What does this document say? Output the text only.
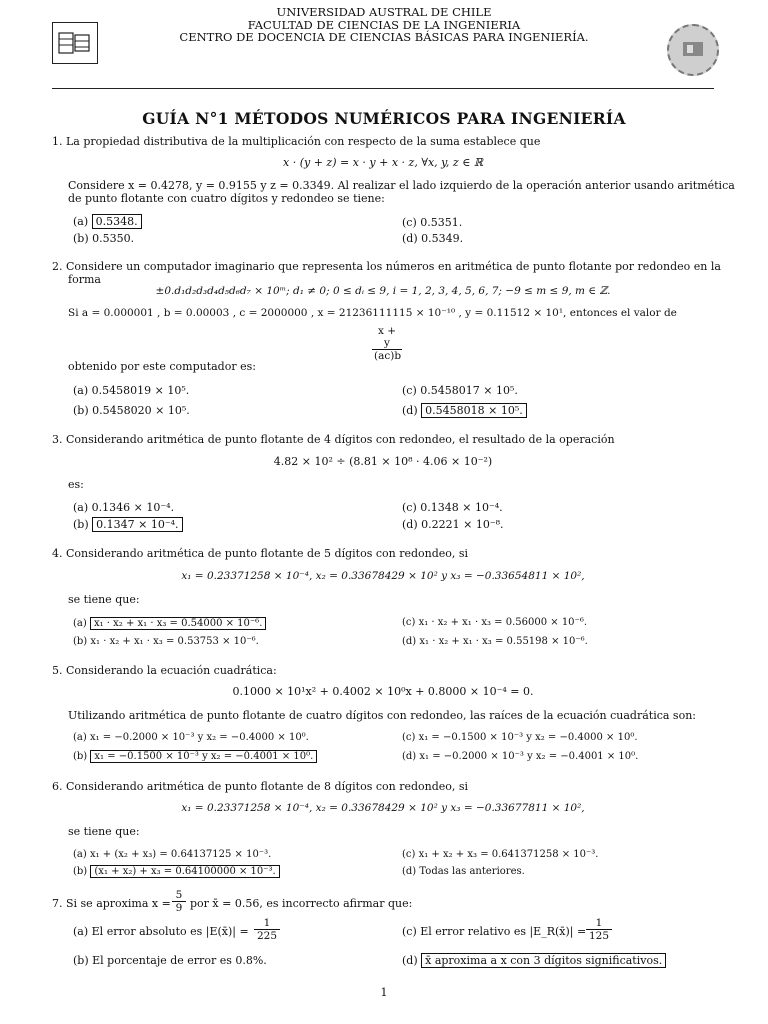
UNIVERSIDAD AUSTRAL DE CHILE
FACULTAD DE CIENCIAS DE LA INGENIERIA
CENTRO DE DOCENCIA DE CIENCIAS BÁSICAS PARA INGENIERÍA.
GUÍA N°1 MÉTODOS NUMÉRICOS PARA INGENIERÍA
1. La propiedad distributiva de la multiplicación con respecto de la suma establece que
x · (y + z) = x · y + x · z, ∀x, y, z ∈ ℝ
Considere x = 0.4278, y = 0.9155 y z = 0.3349. Al realizar el lado izquierdo de la operación anterior usando aritmética
de punto flotante con cuatro dígitos y redondeo se tiene:
(a) 0.5348.
(b) 0.5350.
(c) 0.5351.
(d) 0.5349.
2. Considere un computador imaginario que representa los números en aritmética de punto flotante por redondeo en la
forma
±0.d₁d₂d₃d₄d₅d₆d₇ × 10ᵐ; d₁ ≠ 0; 0 ≤ dᵢ ≤ 9, i = 1, 2, 3, 4, 5, 6, 7; −9 ≤ m ≤ 9, m ∈ ℤ.
Si a = 0.000001 , b = 0.00003 , c = 2000000 , x = 21236111115 × 10⁻¹⁰ , y = 0.11512 × 10¹, entonces el valor de
$\frac{x + y}{(ac)b}$
obtenido por este computador es:
(a) 0.5458019 × 10⁵.
(b) 0.5458020 × 10⁵.
(c) 0.5458017 × 10⁵.
(d) 0.5458018 × 10⁵.
3. Considerando aritmética de punto flotante de 4 dígitos con redondeo, el resultado de la operación
4.82 × 10² ÷ (8.81 × 10⁸ · 4.06 × 10⁻²)
es:
(a) 0.1346 × 10⁻⁴.
(b) 0.1347 × 10⁻⁴.
(c) 0.1348 × 10⁻⁴.
(d) 0.2221 × 10⁻⁸.
4. Considerando aritmética de punto flotante de 5 dígitos con redondeo, si
x₁ = 0.23371258 × 10⁻⁴, x₂ = 0.33678429 × 10² y x₃ = −0.33654811 × 10²,
se tiene que:
(a) x₁ · x₂ + x₁ · x₃ = 0.54000 × 10⁻⁶.
(b) x₁ · x₂ + x₁ · x₃ = 0.53753 × 10⁻⁶.
(c) x₁ · x₂ + x₁ · x₃ = 0.56000 × 10⁻⁶.
(d) x₁ · x₂ + x₁ · x₃ = 0.55198 × 10⁻⁶.
5. Considerando la ecuación cuadrática:
0.1000 × 10¹x² + 0.4002 × 10⁰x + 0.8000 × 10⁻⁴ = 0.
Utilizando aritmética de punto flotante de cuatro dígitos con redondeo, las raíces de la ecuación cuadrática son:
(a) x₁ = −0.2000 × 10⁻³ y x₂ = −0.4000 × 10⁰.
(b) x₁ = −0.1500 × 10⁻³ y x₂ = −0.4001 × 10⁰.
(c) x₁ = −0.1500 × 10⁻³ y x₂ = −0.4000 × 10⁰.
(d) x₁ = −0.2000 × 10⁻³ y x₂ = −0.4001 × 10⁰.
6. Considerando aritmética de punto flotante de 8 dígitos con redondeo, si
x₁ = 0.23371258 × 10⁻⁴, x₂ = 0.33678429 × 10² y x₃ = −0.33677811 × 10²,
se tiene que:
(a) x₁ + (x₂ + x₃) = 0.64137125 × 10⁻³.
(b) (x₁ + x₂) + x₃ = 0.64100000 × 10⁻³.
(c) x₁ + x₂ + x₃ = 0.641371258 × 10⁻³.
(d) Todas las anteriores.
7. Si se aproxima $x = \frac{5}{9}$ por x̄ = 0.56, es incorrecto afirmar que:
(a) El error absoluto es |E(x̄)| = $\frac{1}{225}$
(b) El porcentaje de error es 0.8%.
(c) El error relativo es |E_R(x̄)| = $\frac{1}{125}$
(d) x̄ aproxima a x con 3 dígitos significativos.
1
